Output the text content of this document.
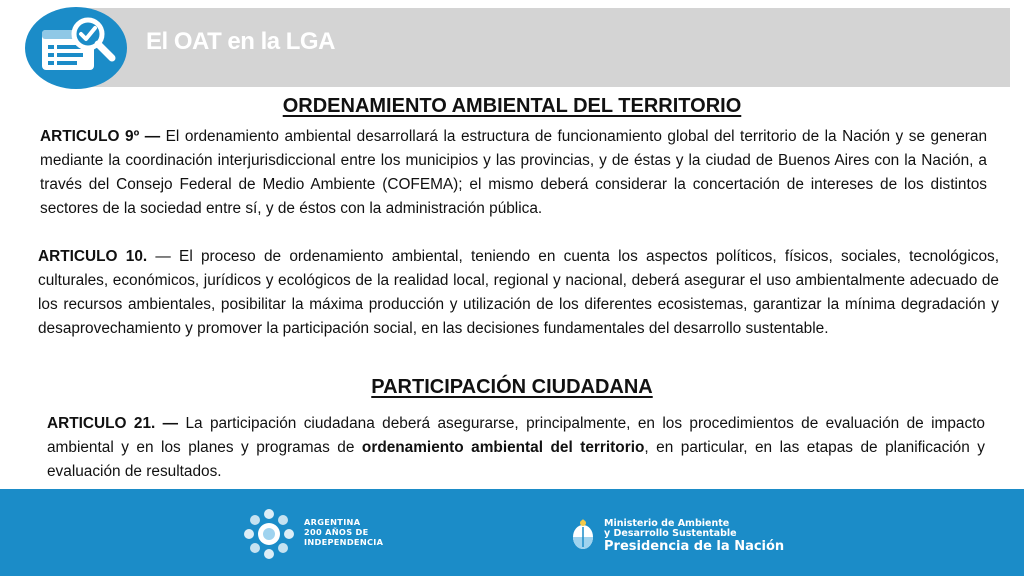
El OAT en la LGA
ORDENAMIENTO AMBIENTAL DEL TERRITORIO

ARTICULO 9º — El ordenamiento ambiental desarrollará la estructura de funcionamiento global del territorio de la Nación y se generan mediante la coordinación interjurisdiccional entre los municipios y las provincias, y de éstas y la ciudad de Buenos Aires con la Nación, a través del Consejo Federal de Medio Ambiente (COFEMA); el mismo deberá considerar la concertación de intereses de los distintos sectores de la sociedad entre sí, y de éstos con la administración pública.

ARTICULO 10. — El proceso de ordenamiento ambiental, teniendo en cuenta los aspectos políticos, físicos, sociales, tecnológicos, culturales, económicos, jurídicos y ecológicos de la realidad local, regional y nacional, deberá asegurar el uso ambientalmente adecuado de los recursos ambientales, posibilitar la máxima producción y utilización de los diferentes ecosistemas, garantizar la mínima degradación y desaprovechamiento y promover la participación social, en las decisiones fundamentales del desarrollo sustentable.

PARTICIPACIÓN CIUDADANA

ARTICULO 21. — La participación ciudadana deberá asegurarse, principalmente, en los procedimientos de evaluación de impacto ambiental y en los planes y programas de ordenamiento ambiental del territorio, en particular, en las etapas de planificación y evaluación de resultados.

ARGENTINA
200 AÑOS DE
INDEPENDENCIA
Ministerio de Ambiente
y Desarrollo Sustentable
Presidencia de la Nación
